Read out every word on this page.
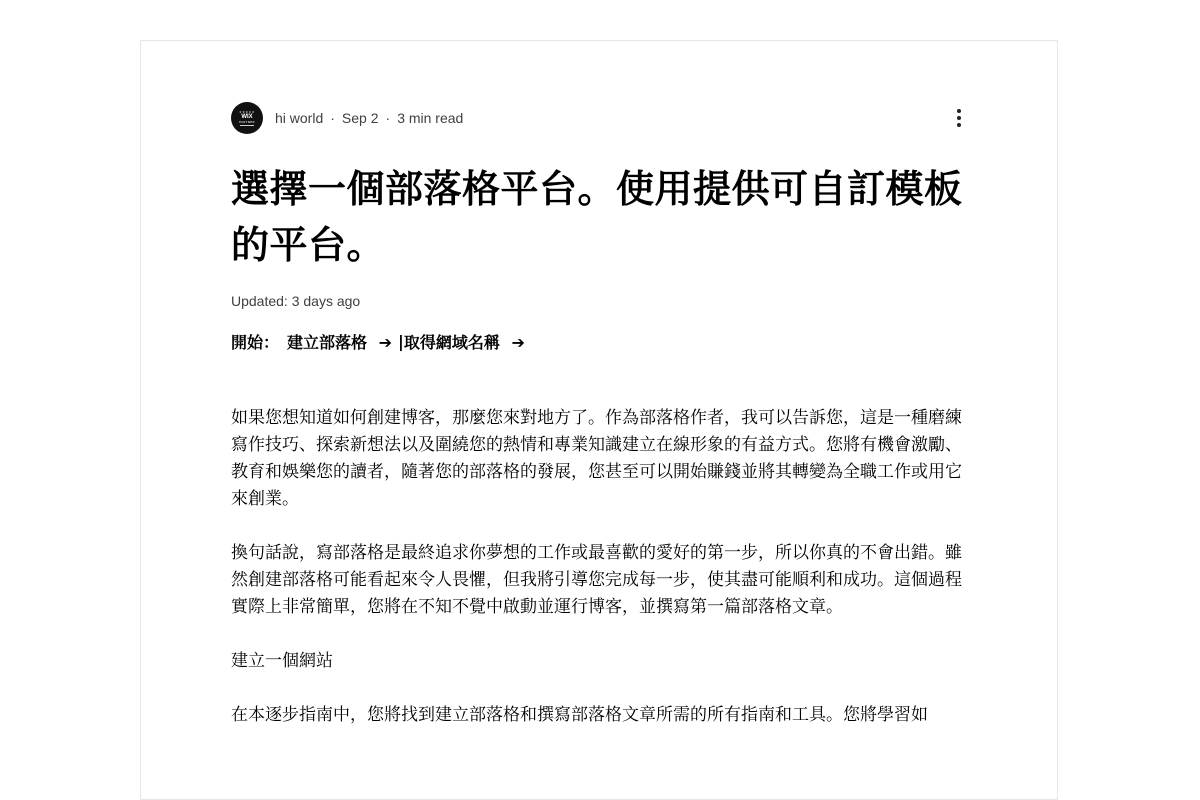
★★★★★
WIX
PARTNER hi world · Sep 2 · 3 min read
選擇一個部落格平台。使用提供可自訂模板的平台。
Updated: 3 days ago
開始： 建立部落格 ➔ | 取得網域名稱 ➔

如果您想知道如何創建博客，那麼您來對地方了。作為部落格作者，我可以告訴您，這是一種磨練寫作技巧、探索新想法以及圍繞您的熱情和專業知識建立在線形象的有益方式。您將有機會激勵、教育和娛樂您的讀者，隨著您的部落格的發展，您甚至可以開始賺錢並將其轉變為全職工作或用它來創業。

換句話說，寫部落格是最終追求你夢想的工作或最喜歡的愛好的第一步，所以你真的不會出錯。雖然創建部落格可能看起來令人畏懼，但我將引導您完成每一步，使其盡可能順利和成功。這個過程實際上非常簡單，您將在不知不覺中啟動並運行博客，並撰寫第一篇部落格文章。

建立一個網站

在本逐步指南中，您將找到建立部落格和撰寫部落格文章所需的所有指南和工具。您將學習如
